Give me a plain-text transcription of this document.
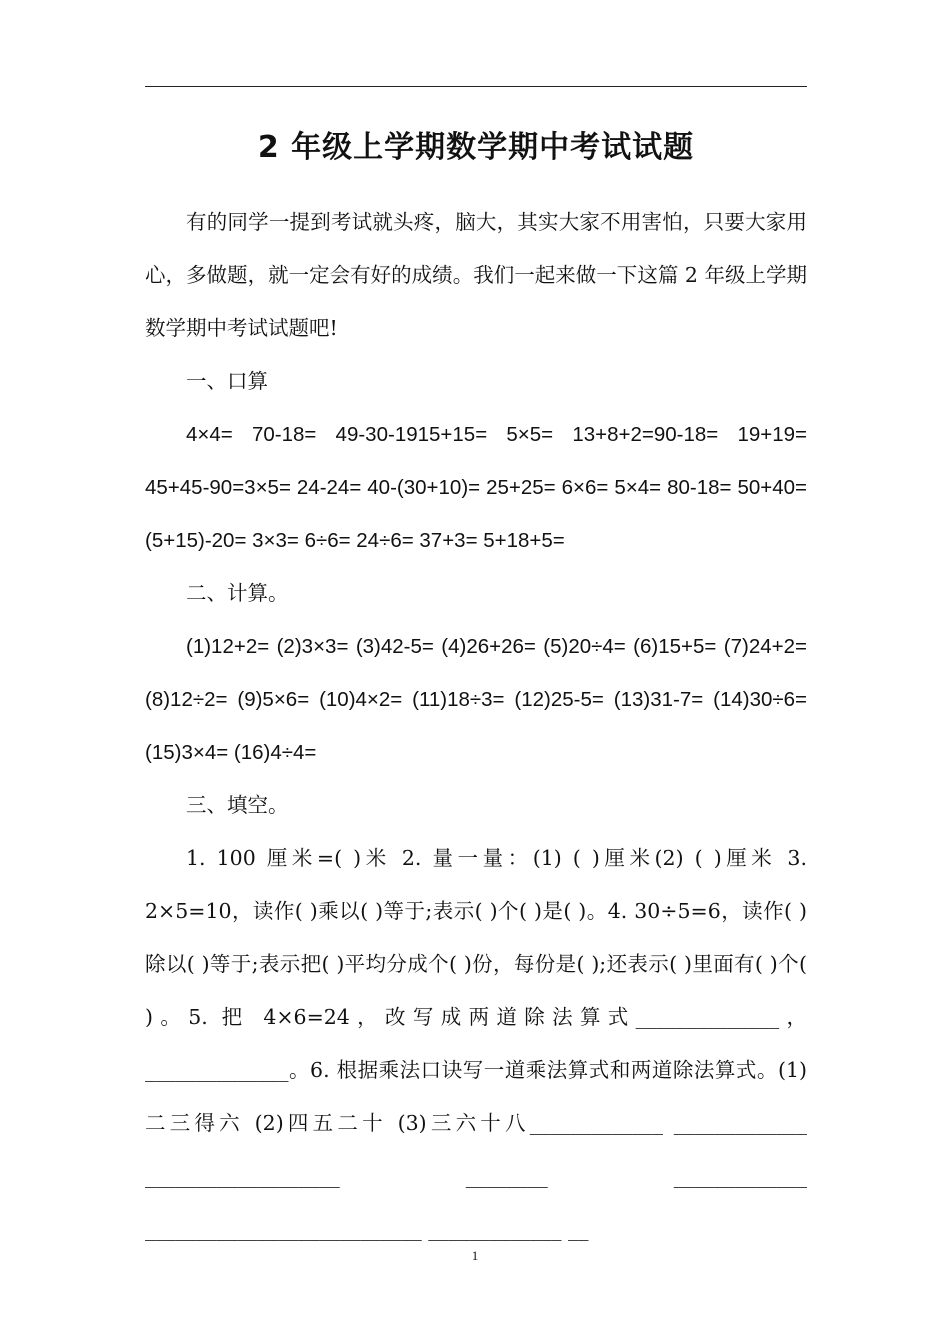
2 年级上学期数学期中考试试题

有的同学一提到考试就头疼，脑大，其实大家不用害怕，只要大家用心，多做题，就一定会有好的成绩。我们一起来做一下这篇 2 年级上学期数学期中考试试题吧!

一、口算

4×4= 70-18= 49-30-1915+15= 5×5= 13+8+2=90-18= 19+19= 45+45-90=3×5= 24-24= 40-(30+10)= 25+25= 6×6= 5×4= 80-18= 50+40= (5+15)-20= 3×3= 6÷6= 24÷6= 37+3= 5+18+5=

二、计算。

(1)12+2= (2)3×3= (3)42-5= (4)26+26= (5)20÷4= (6)15+5= (7)24+2= (8)12÷2= (9)5×6= (10)4×2= (11)18÷3= (12)25-5= (13)31-7= (14)30÷6= (15)3×4= (16)4÷4=

三、填空。

1. 100 厘米=( )米 2. 量一量：(1) ( )厘米(2) ( )厘米 3. 2×5=10，读作( )乘以( )等于;表示( )个( )是( )。4. 30÷5=6，读作( )除以( )等于;表示把( )平均分成个( )份，每份是( );还表示( )里面有( )个( )。5. 把 4×6=24，改写成两道除法算式______________，______________。6. 根据乘法口诀写一道乘法算式和两道除法算式。(1)二三得六 (2)四五二十 (3)三六十八_____________ _____________ ___________________ ________ _____________ ___________________________ _____________ __

1
